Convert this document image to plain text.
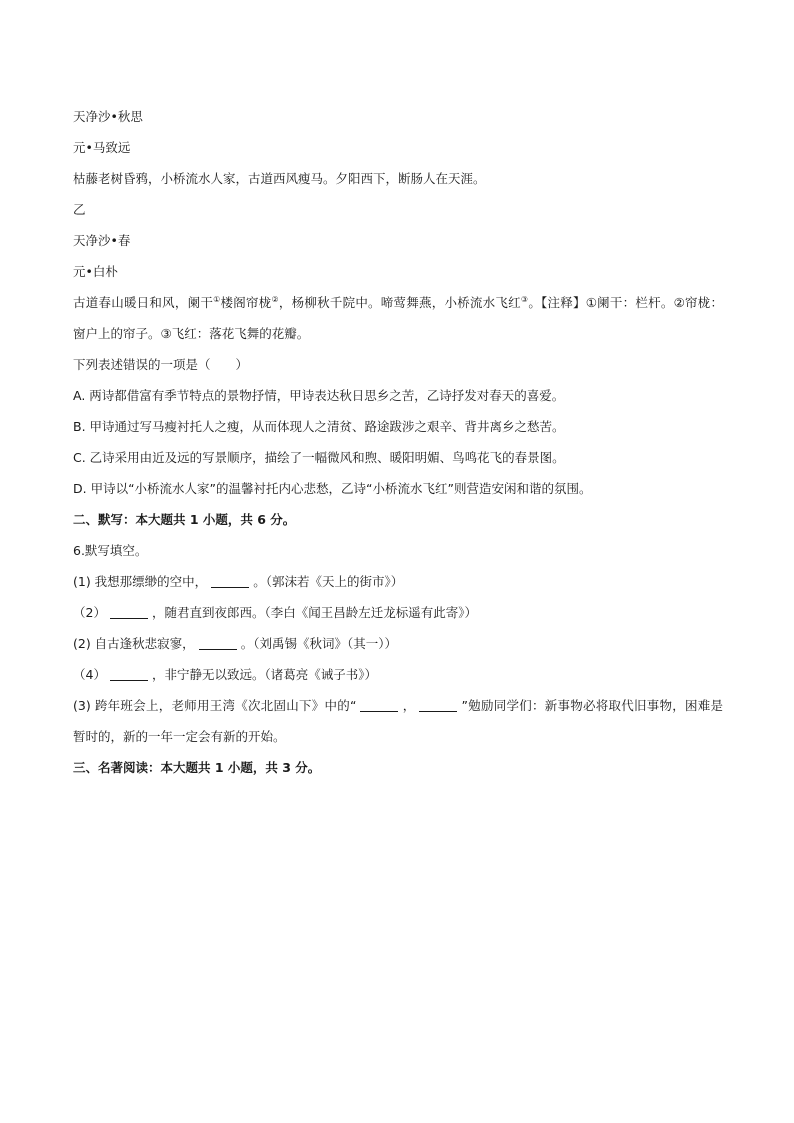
天净沙•秋思
元•马致远
枯藤老树昏鸦，小桥流水人家，古道西风瘦马。夕阳西下，断肠人在天涯。
乙
天净沙•春
元•白朴
古道春山暖日和风，阑干①楼阁帘栊②，杨柳秋千院中。啼莺舞燕，小桥流水飞红③。【注释】①阑干：栏杆。②帘栊：窗户上的帘子。③飞红：落花飞舞的花瓣。
下列表述错误的一项是（　　）
A. 两诗都借富有季节特点的景物抒情，甲诗表达秋日思乡之苦，乙诗抒发对春天的喜爱。
B. 甲诗通过写马瘦衬托人之瘦，从而体现人之清贫、路途跋涉之艰辛、背井离乡之愁苦。
C. 乙诗采用由近及远的写景顺序，描绘了一幅微风和煦、暖阳明媚、鸟鸣花飞的春景图。
D. 甲诗以“小桥流水人家”的温馨衬托内心悲愁，乙诗“小桥流水飞红”则营造安闲和谐的氛围。
二、默写：本大题共 1 小题，共 6 分。
6.默写填空。
(1) 我想那缥缈的空中，	。（郭沫若《天上的街市》）
（2）	，随君直到夜郎西。（李白《闻王昌龄左迁龙标遥有此寄》）
(2) 自古逢秋悲寂寥，	。（刘禹锡《秋词》（其一））
（4）	，非宁静无以致远。（诸葛亮《诫子书》）
(3) 跨年班会上，老师用王湾《次北固山下》中的“	，	”勉励同学们：新事物必将取代旧事物，困难是暂时的，新的一年一定会有新的开始。
三、名著阅读：本大题共 1 小题，共 3 分。
